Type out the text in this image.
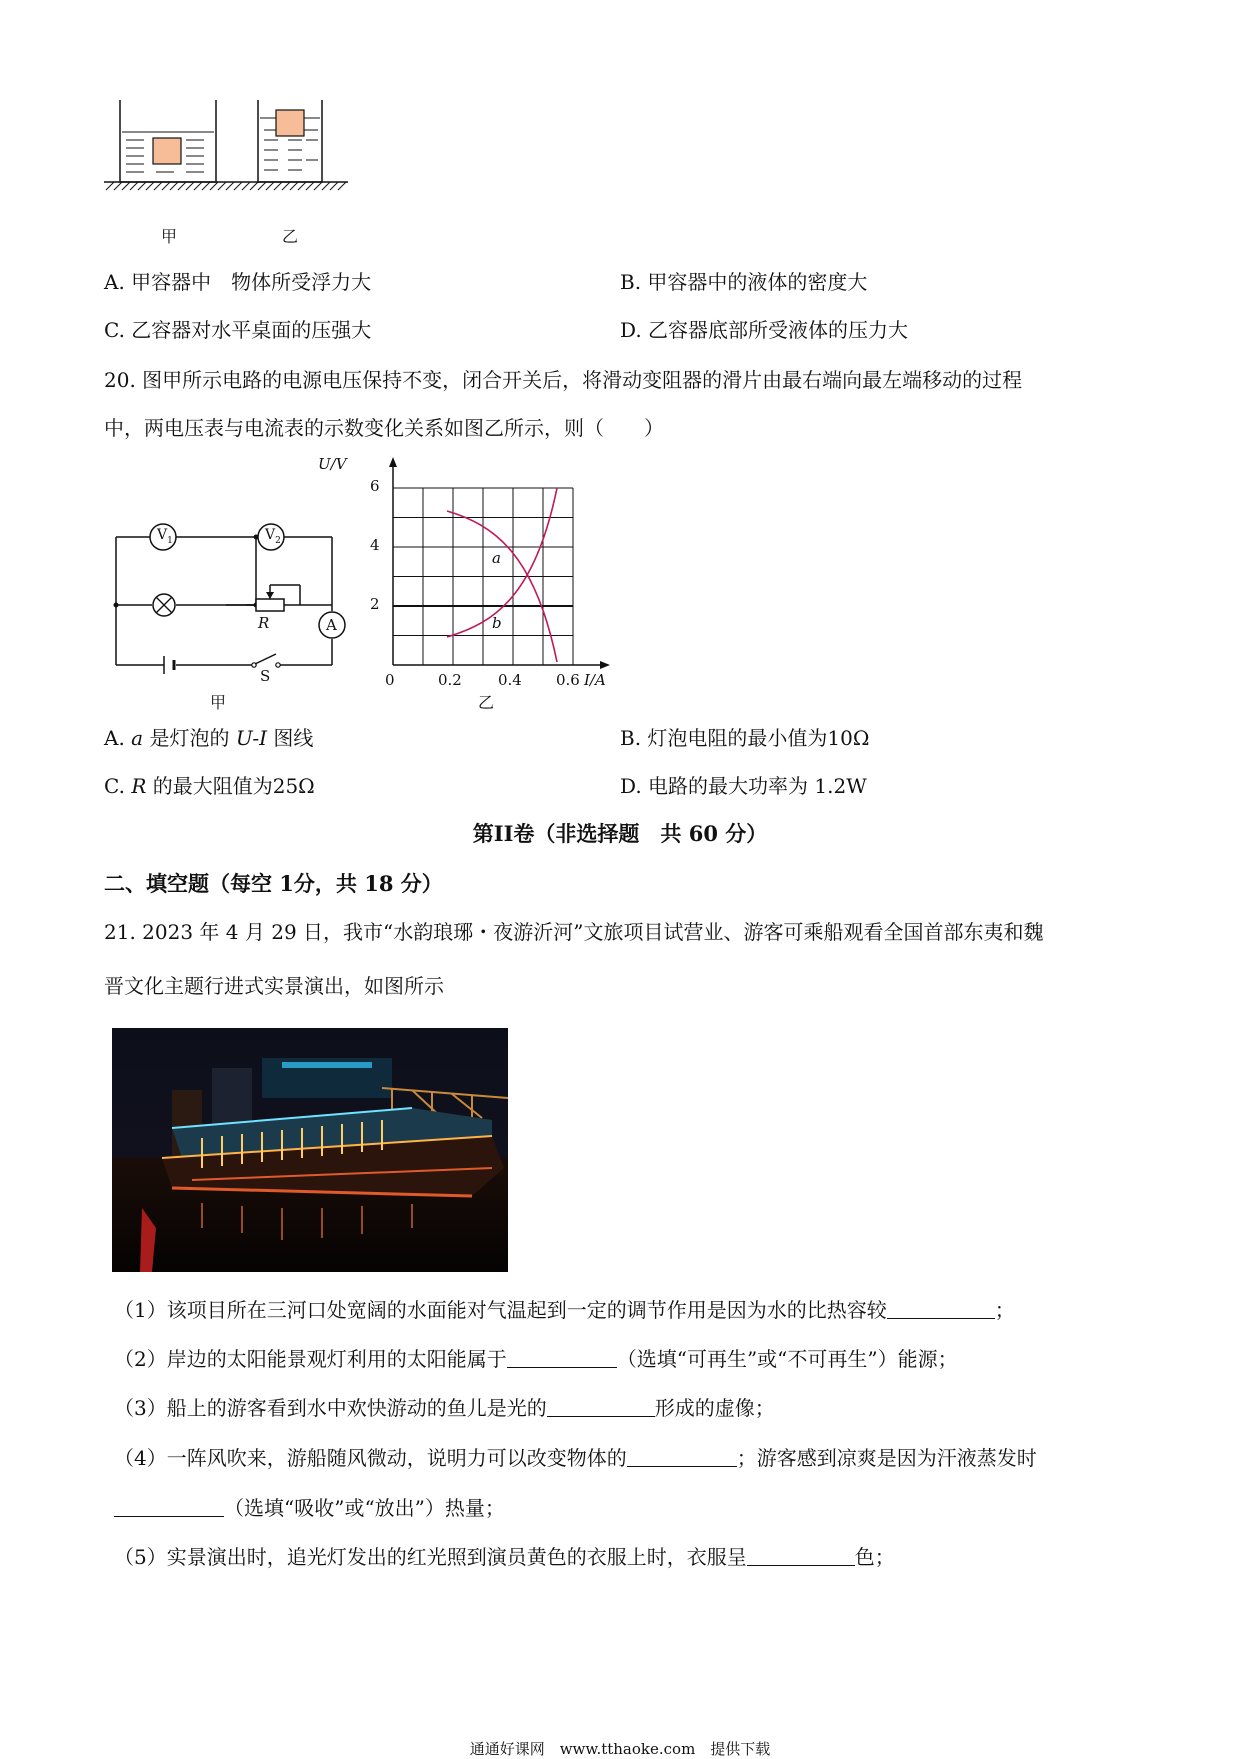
甲	乙
A. 甲容器中　物体所受浮力大	B. 甲容器中的液体的密度大
C. 乙容器对水平桌面的压强大	D. 乙容器底部所受液体的压力大
20. 图甲所示电路的电源电压保持不变，闭合开关后，将滑动变阻器的滑片由最右端向最左端移动的过程
中，两电压表与电流表的示数变化关系如图乙所示，则（　　）
$V_1$	$V_2$
A
R
S
甲
U/V
6
4
2
0	0.2 0.4 0.6 I/A
a
b
乙
A. a 是灯泡的 U-I 图线	B. 灯泡电阻的最小值为10Ω
C. R 的最大阻值为25Ω	D. 电路的最大功率为 1.2W
第II卷（非选择题　共 60 分）
二、填空题（每空 1分，共 18 分）
21. 2023 年 4 月 29 日，我市“水韵琅琊・夜游沂河”文旅项目试营业、游客可乘船观看全国首部东夷和魏
晋文化主题行进式实景演出，如图所示
（1）该项目所在三河口处宽阔的水面能对气温起到一定的调节作用是因为水的比热容较	；
（2）岸边的太阳能景观灯利用的太阳能属于	（选填“可再生”或“不可再生”）能源；
（3）船上的游客看到水中欢快游动的鱼儿是光的	形成的虚像；
（4）一阵风吹来，游船随风微动，说明力可以改变物体的	；游客感到凉爽是因为汗液蒸发时
（选填“吸收”或“放出”）热量；
（5）实景演出时，追光灯发出的红光照到演员黄色的衣服上时，衣服呈	色；
通通好课网　www.tthaoke.com　提供下载
